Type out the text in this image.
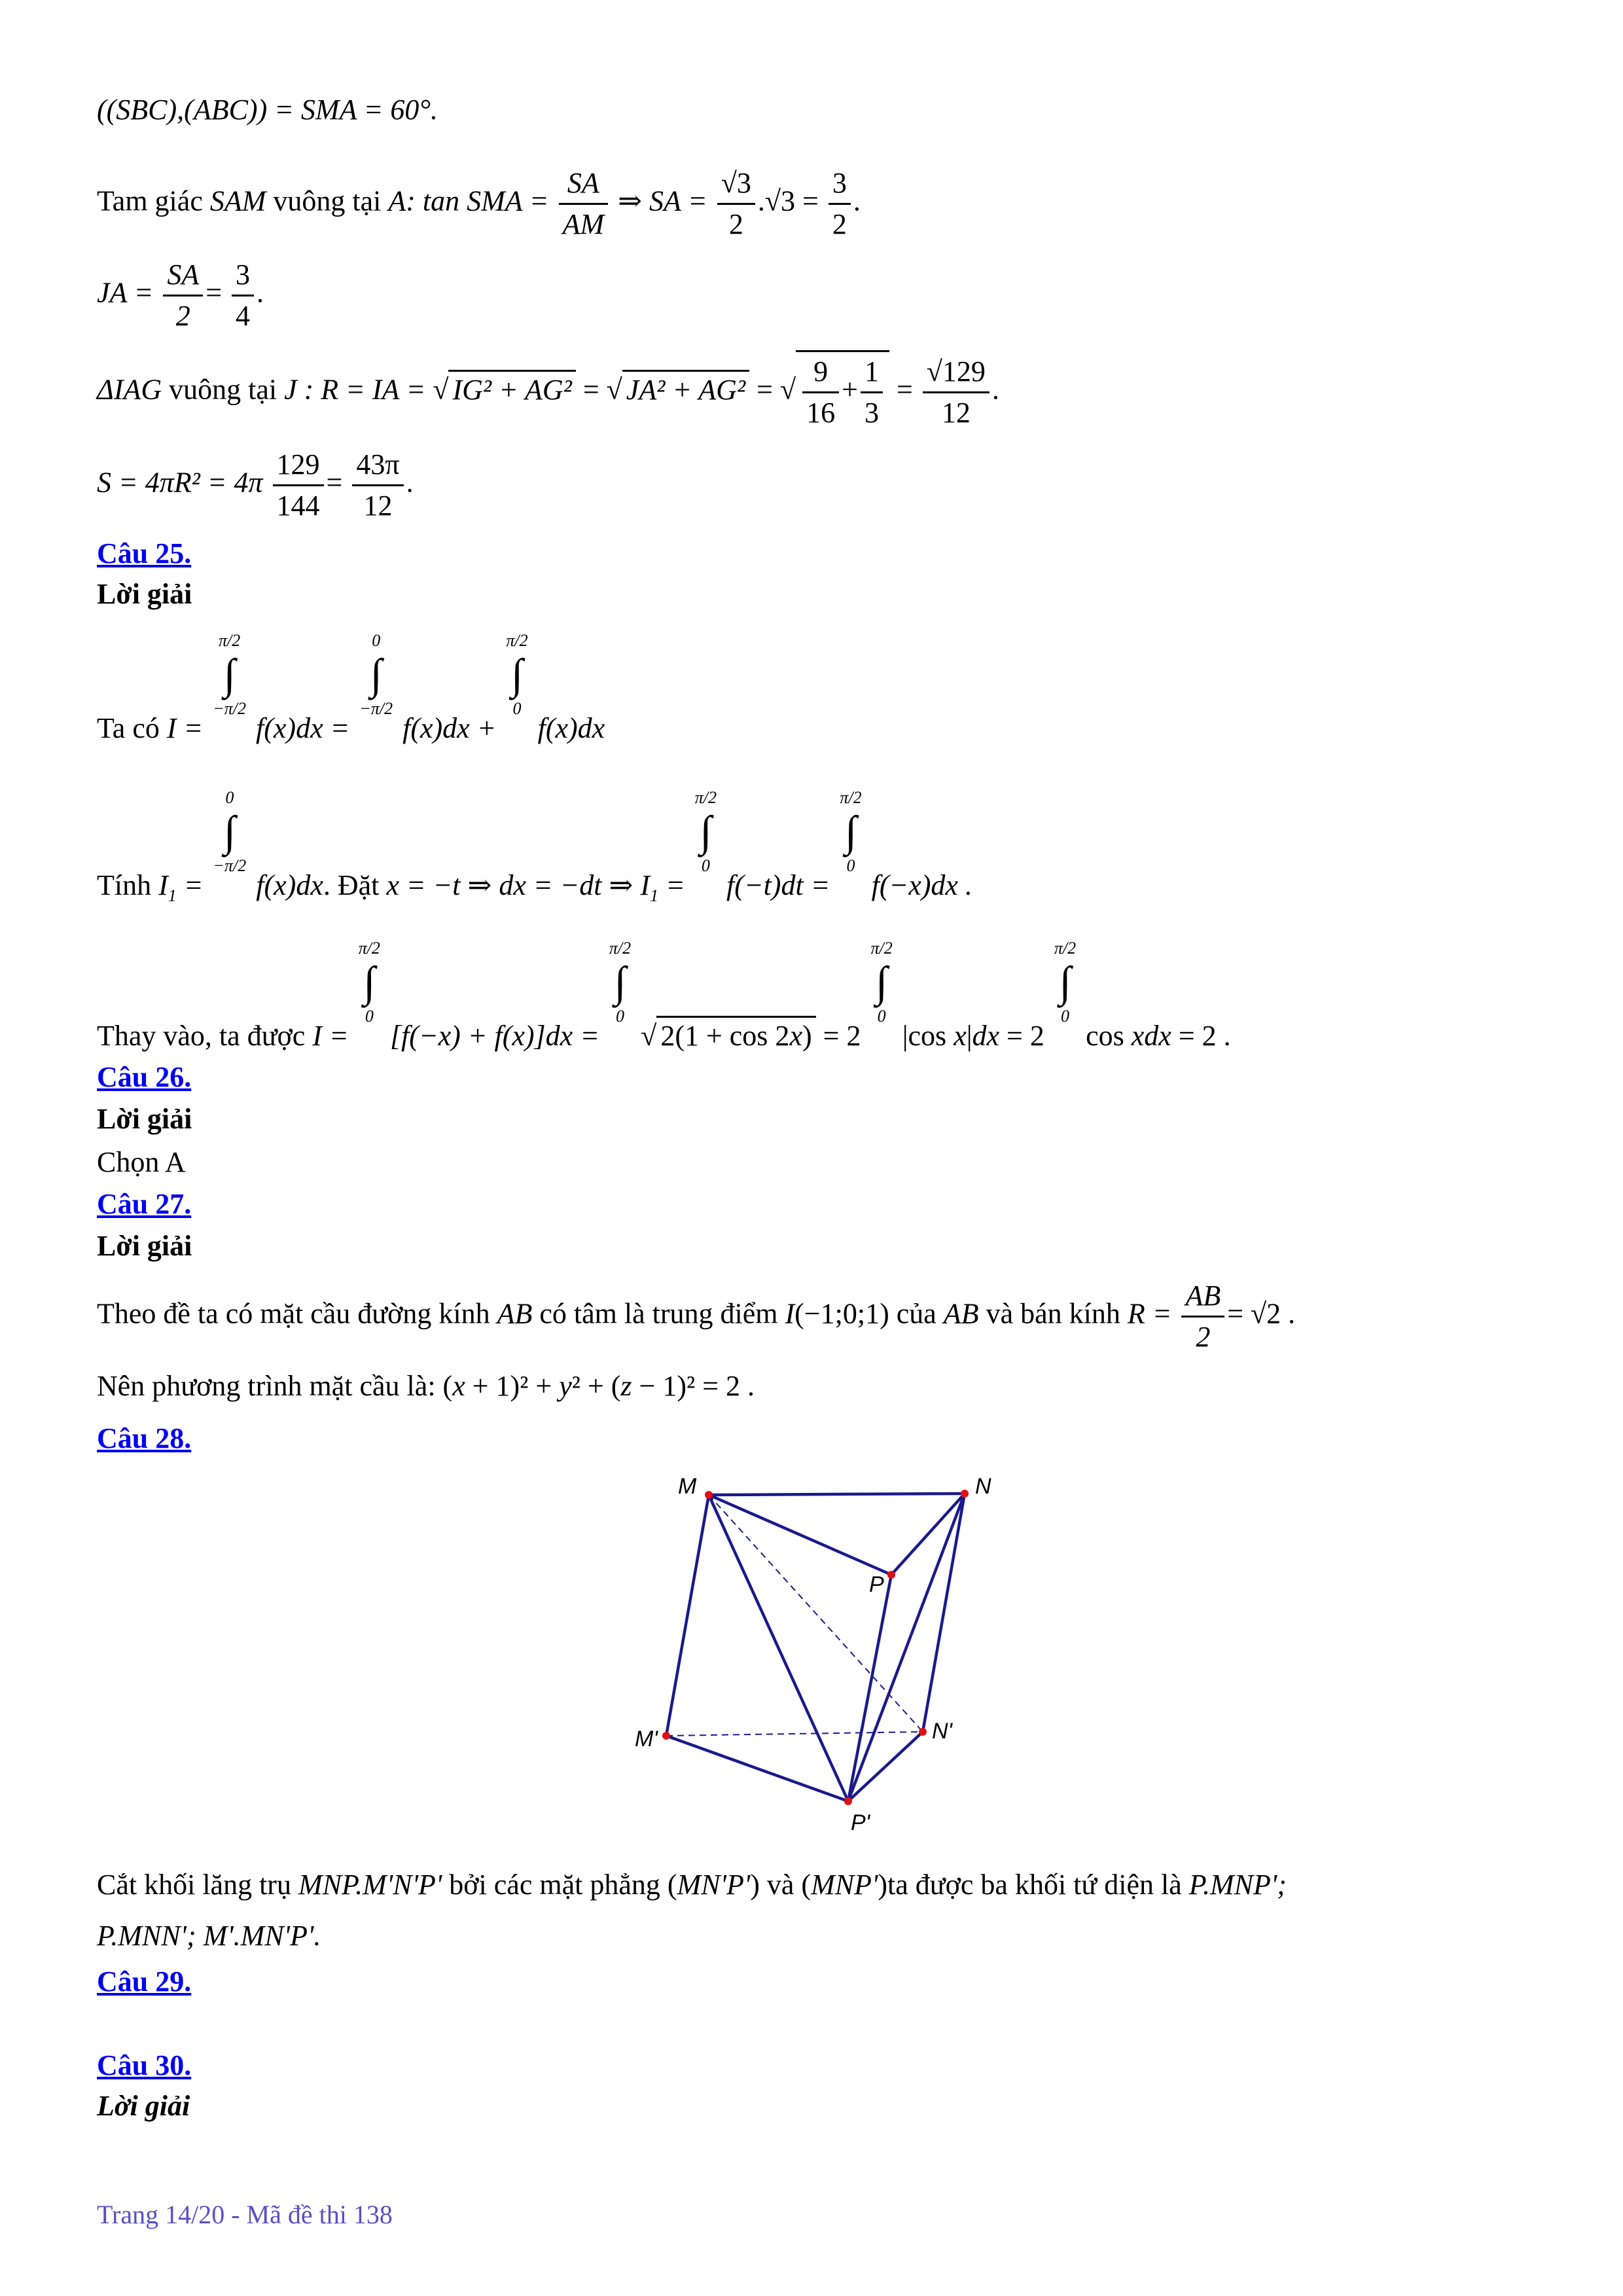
((SBC),(ABC)) = SMA = 60°.
Tam giác SAM vuông tại A: tan SMA = $\frac{SA}{AM}$ ⇒ SA = $\frac{√3}{2} .√3 = \frac{3}{2}$ .
JA = $\frac{SA}{2} = \frac{3}{4}$ .
ΔIAG vuông tại J : R = IA = √ IG² + AG² = √ JA² + AG² = √ $\frac{9}{16} + \frac{1}{3} = \frac{√129}{12}$ .
$S = 4\pi R^2 = 4\pi \frac{129}{144} = \frac{43\pi}{12}$ .
Câu 25.
Lời giải
Ta có I = π/2
∫
−π/2 f(x)dx = 0
∫
−π/2 f(x)dx + π/2
∫
0 f(x)dx
Tính $I_1 = 0$
∫
−π/2 f(x)dx. Đặt x = −t ⇒ dx = −dt ⇒ $I_1 = \pi/2$
∫
0 f(−t)dt = π/2
∫
0 f(−x)dx .
Thay vào, ta được I = π/2
∫
0 [f(−x) + f(x)]dx = π/2
∫
0 √ 2(1 + cos 2x) = 2 π/2
∫
0 |cos x|dx = 2 π/2
∫
0 cos xdx = 2 .
Câu 26.
Lời giải
Chọn A
Câu 27.
Lời giải
Theo đề ta có mặt cầu đường kính AB có tâm là trung điểm I(−1;0;1) của AB và bán kính $R = \frac{AB}{2} = √2$ .
Nên phương trình mặt cầu là: (x + 1)² + y² + (z − 1)² = 2 .
Câu 28.
M	N
P
M'	N'
P'
Cắt khối lăng trụ MNP.M'N'P' bởi các mặt phẳng (MN'P') và (MNP')ta được ba khối tứ diện là P.MNP';
P.MNN'; M'.MN'P'.
Câu 29.
Câu 30.
Lời giải
Trang 14/20 - Mã đề thi 138
